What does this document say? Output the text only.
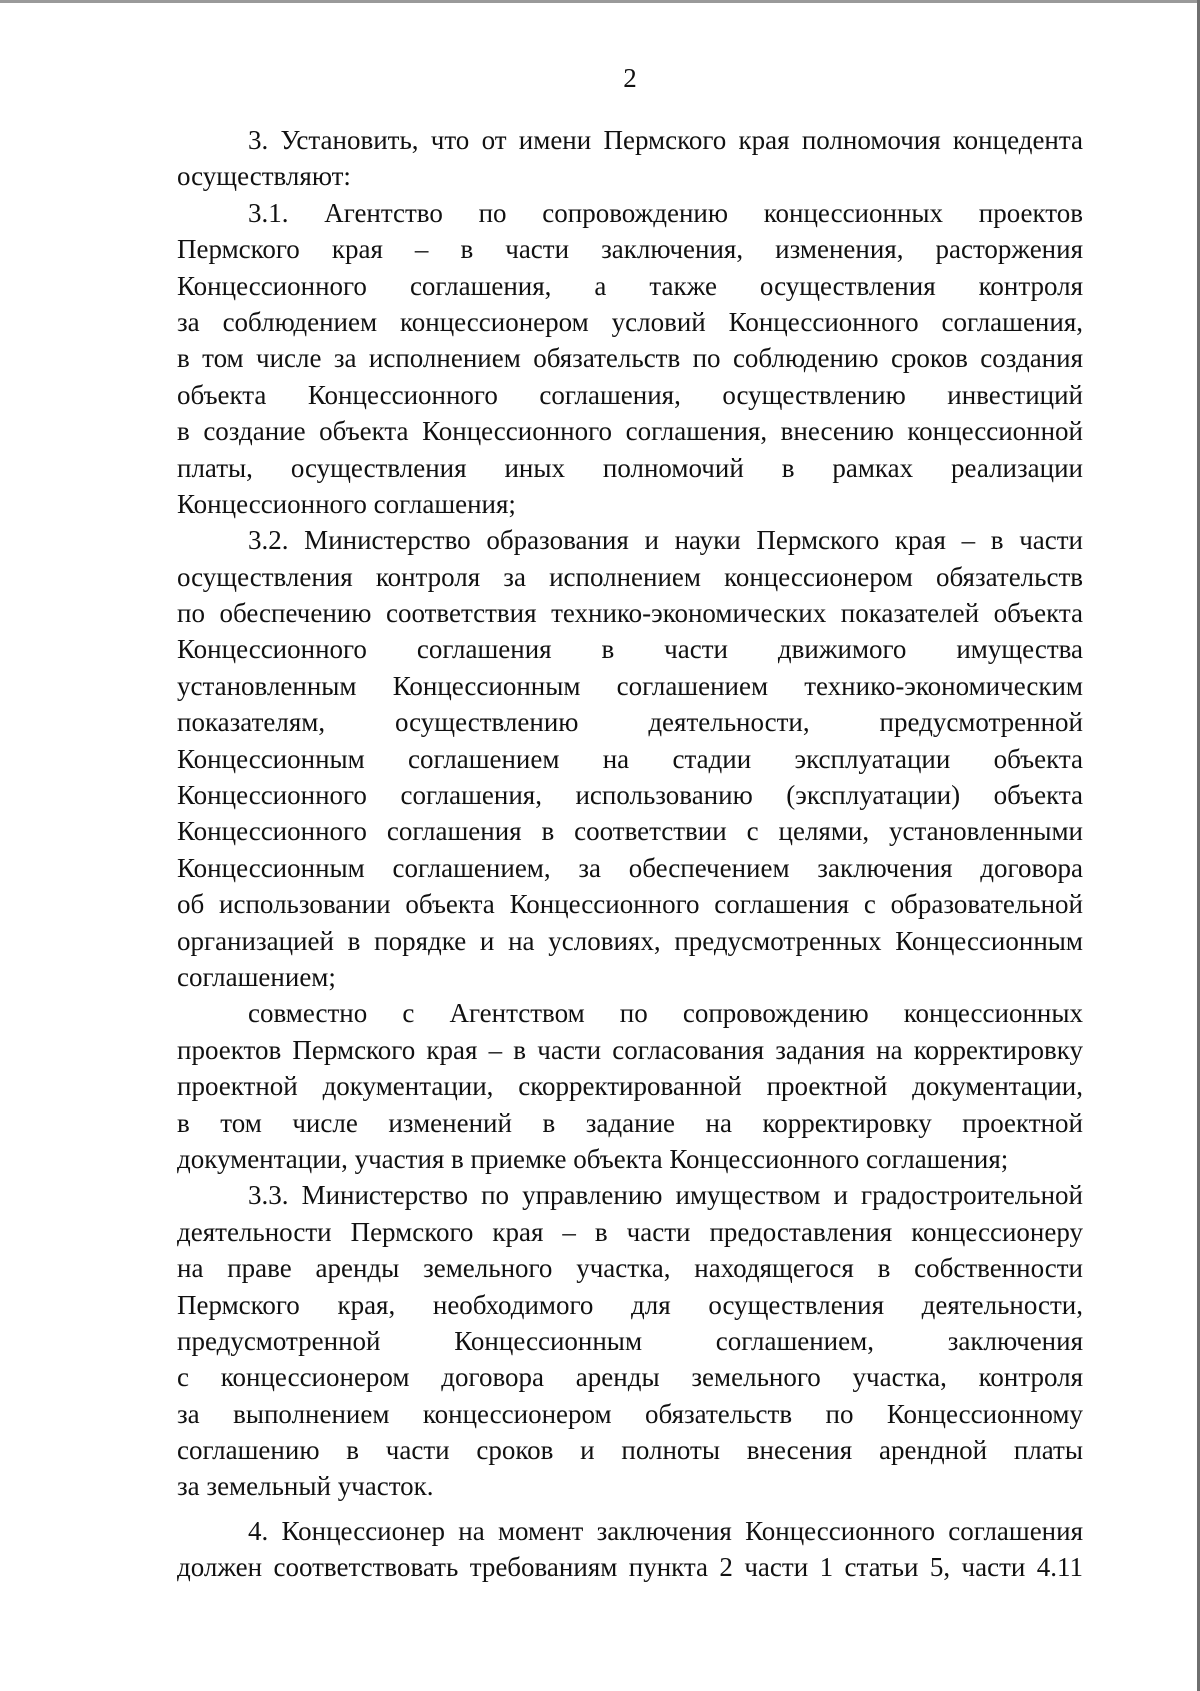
2
3. Установить, что от имени Пермского края полномочия концедента
осуществляют:
3.1. Агентство по сопровождению концессионных проектов
Пермского края – в части заключения, изменения, расторжения
Концессионного соглашения, а также осуществления контроля
за соблюдением концессионером условий Концессионного соглашения,
в том числе за исполнением обязательств по соблюдению сроков создания
объекта Концессионного соглашения, осуществлению инвестиций
в создание объекта Концессионного соглашения, внесению концессионной
платы, осуществления иных полномочий в рамках реализации
Концессионного соглашения;
3.2. Министерство образования и науки Пермского края – в части
осуществления контроля за исполнением концессионером обязательств
по обеспечению соответствия технико-экономических показателей объекта
Концессионного соглашения в части движимого имущества
установленным Концессионным соглашением технико-экономическим
показателям, осуществлению деятельности, предусмотренной
Концессионным соглашением на стадии эксплуатации объекта
Концессионного соглашения, использованию (эксплуатации) объекта
Концессионного соглашения в соответствии с целями, установленными
Концессионным соглашением, за обеспечением заключения договора
об использовании объекта Концессионного соглашения с образовательной
организацией в порядке и на условиях, предусмотренных Концессионным
соглашением;
совместно с Агентством по сопровождению концессионных
проектов Пермского края – в части согласования задания на корректировку
проектной документации, скорректированной проектной документации,
в том числе изменений в задание на корректировку проектной
документации, участия в приемке объекта Концессионного соглашения;
3.3. Министерство по управлению имуществом и градостроительной
деятельности Пермского края – в части предоставления концессионеру
на праве аренды земельного участка, находящегося в собственности
Пермского края, необходимого для осуществления деятельности,
предусмотренной Концессионным соглашением, заключения
с концессионером договора аренды земельного участка, контроля
за выполнением концессионером обязательств по Концессионному
соглашению в части сроков и полноты внесения арендной платы
за земельный участок.
4. Концессионер на момент заключения Концессионного соглашения
должен соответствовать требованиям пункта 2 части 1 статьи 5, части 4.11
